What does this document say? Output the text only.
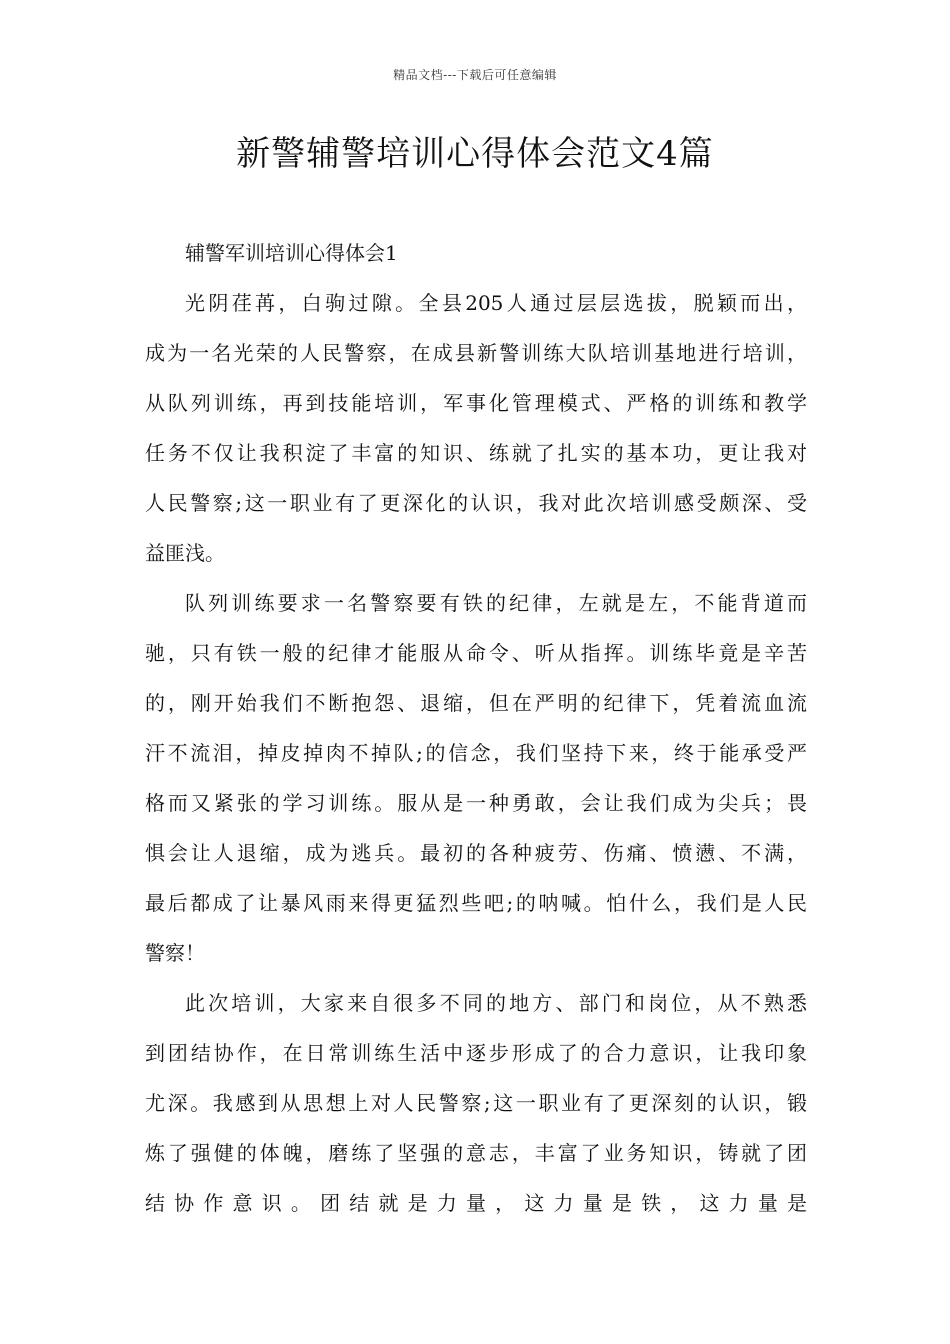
精品文档---下载后可任意编辑
新警辅警培训心得体会范文4篇

辅警军训培训心得体会1

光阴荏苒，白驹过隙。全县205人通过层层选拔，脱颖而出，
成为一名光荣的人民警察，在成县新警训练大队培训基地进行培训，
从队列训练，再到技能培训，军事化管理模式、严格的训练和教学
任务不仅让我积淀了丰富的知识、练就了扎实的基本功，更让我对
人民警察;这一职业有了更深化的认识，我对此次培训感受颇深、受
益匪浅。

队列训练要求一名警察要有铁的纪律，左就是左，不能背道而
驰，只有铁一般的纪律才能服从命令、听从指挥。训练毕竟是辛苦
的，刚开始我们不断抱怨、退缩，但在严明的纪律下，凭着流血流
汗不流泪，掉皮掉肉不掉队;的信念，我们坚持下来，终于能承受严
格而又紧张的学习训练。服从是一种勇敢，会让我们成为尖兵；畏
惧会让人退缩，成为逃兵。最初的各种疲劳、伤痛、愤懑、不满，
最后都成了让暴风雨来得更猛烈些吧;的呐喊。怕什么，我们是人民
警察！

此次培训，大家来自很多不同的地方、部门和岗位，从不熟悉
到团结协作，在日常训练生活中逐步形成了的合力意识，让我印象
尤深。我感到从思想上对人民警察;这一职业有了更深刻的认识，锻
炼了强健的体魄，磨练了坚强的意志，丰富了业务知识，铸就了团
结协作意识。团结就是力量，这力量是铁，这力量是
